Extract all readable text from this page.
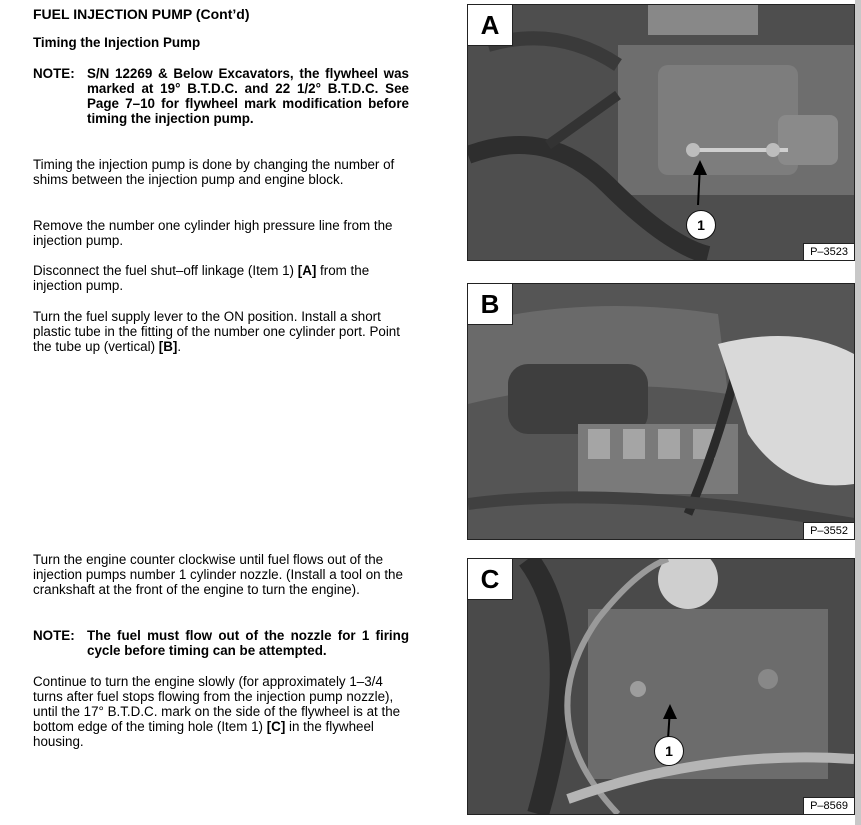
FUEL INJECTION PUMP (Cont’d)
Timing the Injection Pump
NOTE: S/N 12269 & Below Excavators, the flywheel was marked at 19° B.T.D.C. and 22 1/2° B.T.D.C. See Page 7–10 for flywheel mark modification before timing the injection pump.
Timing the injection pump is done by changing the number of shims between the injection pump and engine block.
Remove the number one cylinder high pressure line from the injection pump.
Disconnect the fuel shut–off linkage (Item 1) [A] from the injection pump.
Turn the fuel supply lever to the ON position. Install a short plastic tube in the fitting of the number one cylinder port. Point the tube up (vertical) [B].
Turn the engine counter clockwise until fuel flows out of the injection pumps number 1 cylinder nozzle. (Install a tool on the crankshaft at the front of the engine to turn the engine).
NOTE: The fuel must flow out of the nozzle for 1 firing cycle before timing can be attempted.
Continue to turn the engine slowly (for approximately 1–3/4 turns after fuel stops flowing from the injection pump nozzle), until the 17° B.T.D.C. mark on the side of the flywheel is at the bottom edge of the timing hole (Item 1) [C] in the flywheel housing.
A
1
P–3523
B
P–3552
C
1
P–8569
